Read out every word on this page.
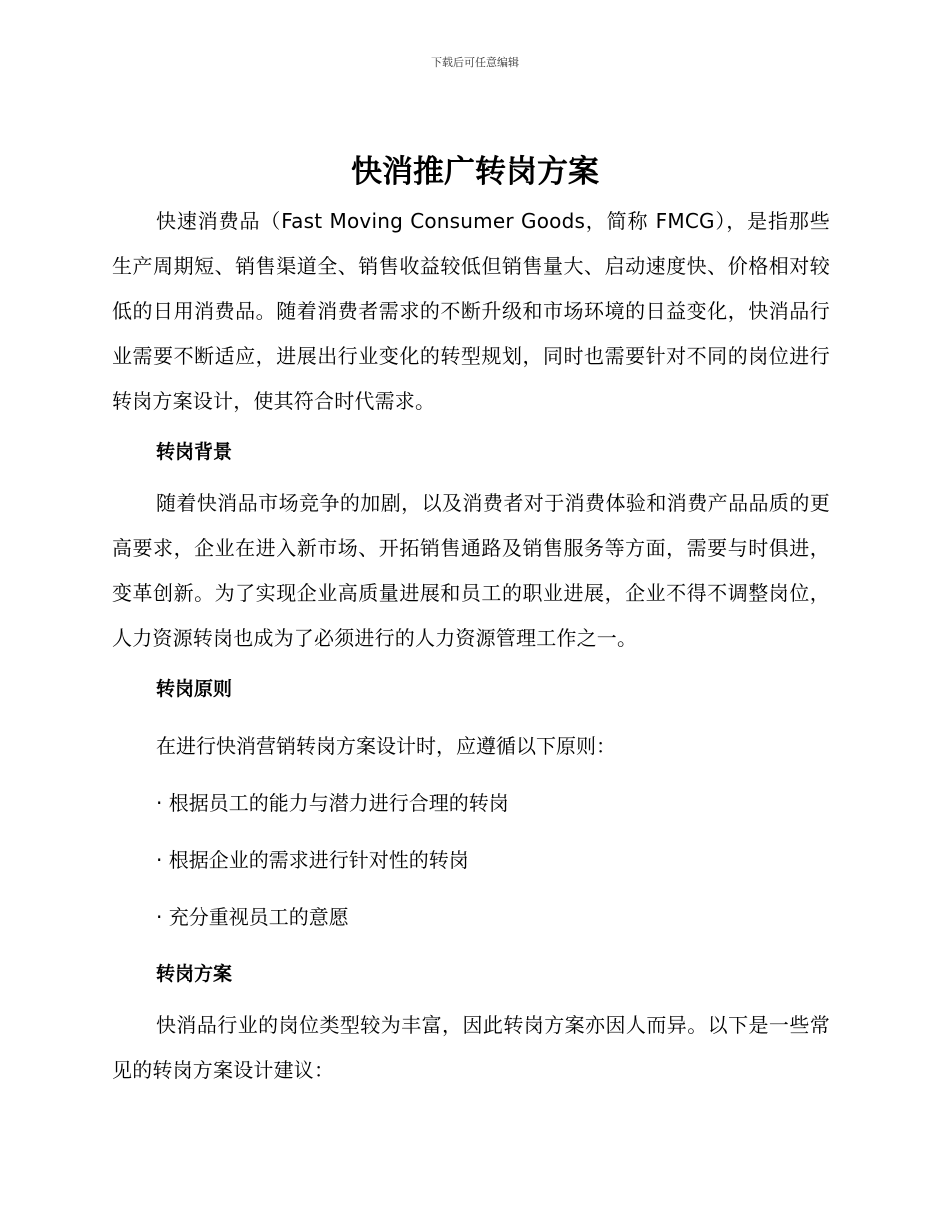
下载后可任意编辑
快消推广转岗方案

快速消费品（Fast Moving Consumer Goods，简称 FMCG），是指那些生产周期短、销售渠道全、销售收益较低但销售量大、启动速度快、价格相对较低的日用消费品。随着消费者需求的不断升级和市场环境的日益变化，快消品行业需要不断适应，进展出行业变化的转型规划，同时也需要针对不同的岗位进行转岗方案设计，使其符合时代需求。

转岗背景

随着快消品市场竞争的加剧，以及消费者对于消费体验和消费产品品质的更高要求，企业在进入新市场、开拓销售通路及销售服务等方面，需要与时俱进，变革创新。为了实现企业高质量进展和员工的职业进展，企业不得不调整岗位，人力资源转岗也成为了必须进行的人力资源管理工作之一。

转岗原则

在进行快消营销转岗方案设计时，应遵循以下原则：

· 根据员工的能力与潜力进行合理的转岗

· 根据企业的需求进行针对性的转岗

· 充分重视员工的意愿

转岗方案

快消品行业的岗位类型较为丰富，因此转岗方案亦因人而异。以下是一些常见的转岗方案设计建议：
